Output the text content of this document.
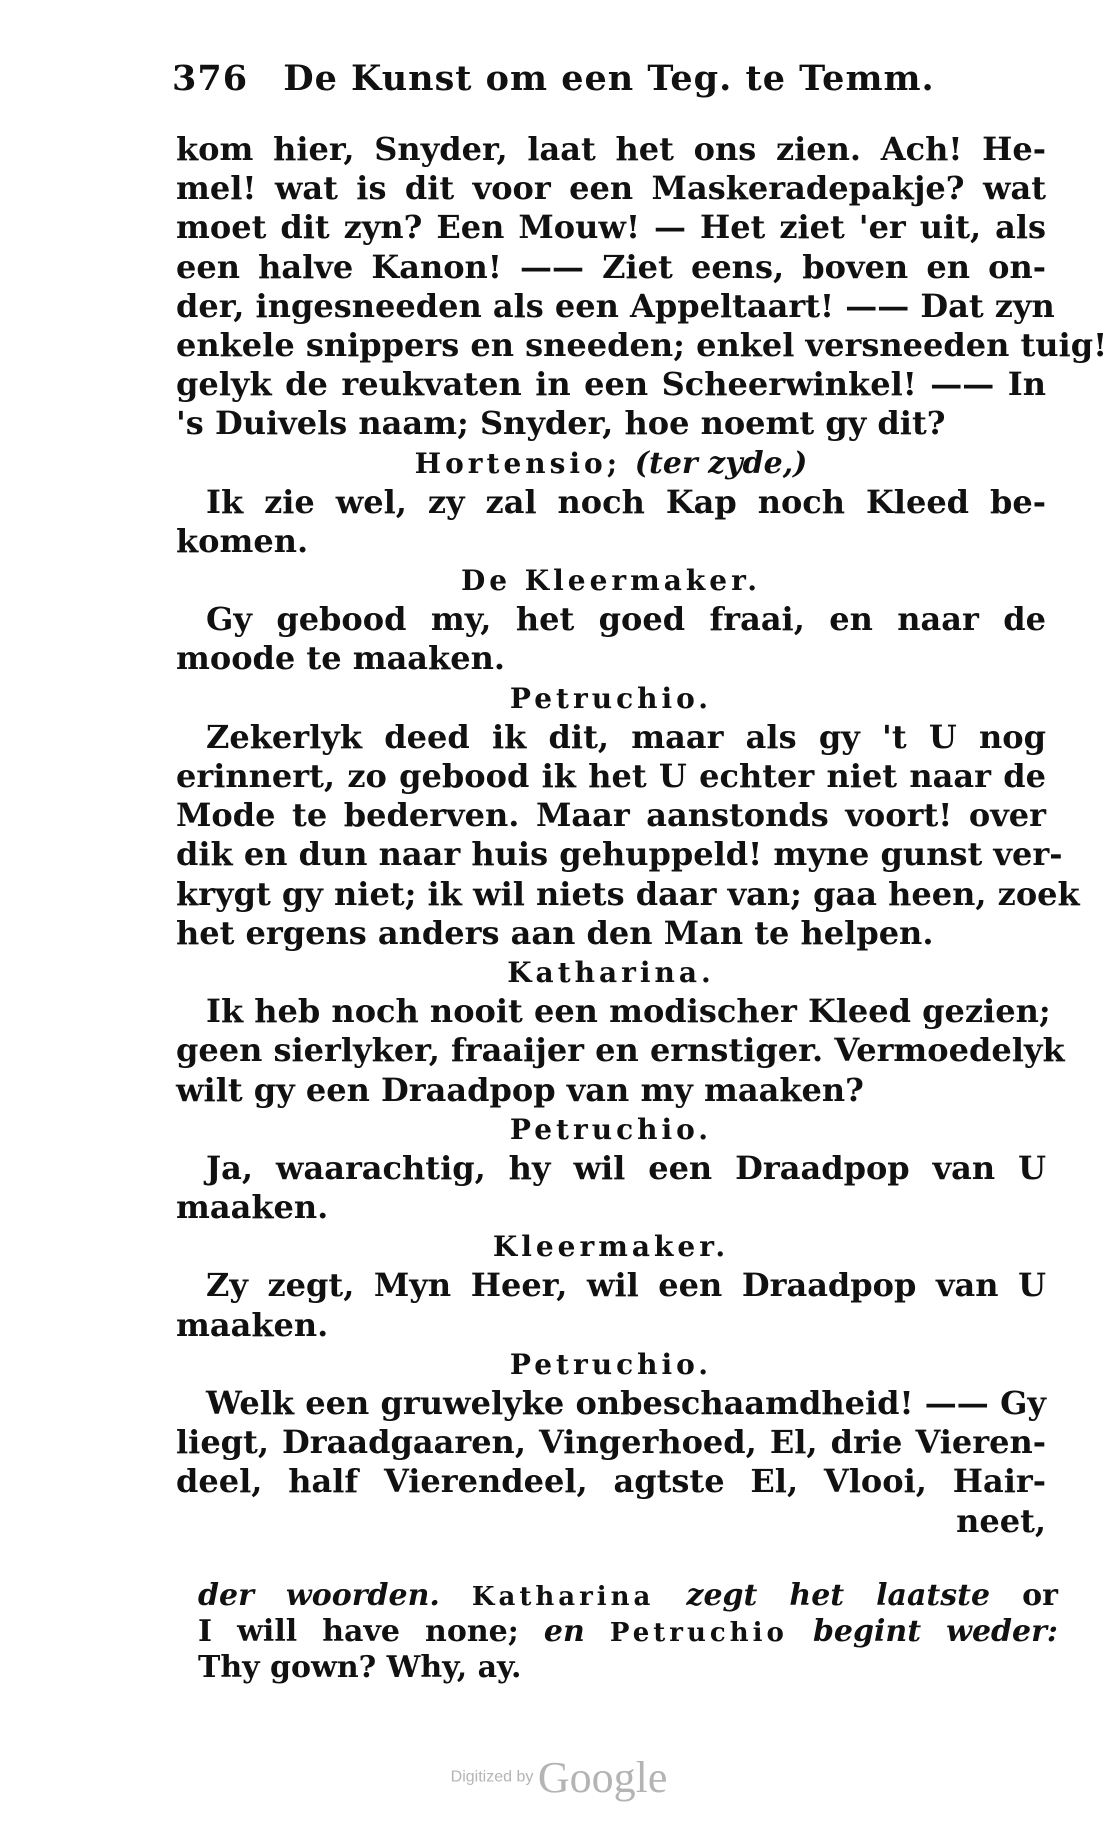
376 De Kunst om een Teg. te Temm.
kom hier, Snyder, laat het ons zien. Ach! He-
mel! wat is dit voor een Maskeradepakje? wat
moet dit zyn? Een Mouw! — Het ziet 'er uit, als
een halve Kanon! —— Ziet eens, boven en on-
der, ingesneeden als een Appeltaart! —— Dat zyn
enkele snippers en sneeden; enkel versneeden tuig!
gelyk de reukvaten in een Scheerwinkel! —— In
's Duivels naam; Snyder, hoe noemt gy dit?
Hortensio; (ter zyde,)
Ik zie wel, zy zal noch Kap noch Kleed be-
komen.
De Kleermaker.
Gy gebood my, het goed fraai, en naar de
moode te maaken.
Petruchio.
Zekerlyk deed ik dit, maar als gy 't U nog
erinnert, zo gebood ik het U echter niet naar de
Mode te bederven. Maar aanstonds voort! over
dik en dun naar huis gehuppeld! myne gunst ver-
krygt gy niet; ik wil niets daar van; gaa heen, zoek
het ergens anders aan den Man te helpen.
Katharina.
Ik heb noch nooit een modischer Kleed gezien;
geen sierlyker, fraaijer en ernstiger. Vermoedelyk
wilt gy een Draadpop van my maaken?
Petruchio.
Ja, waarachtig, hy wil een Draadpop van U
maaken.
Kleermaker.
Zy zegt, Myn Heer, wil een Draadpop van U
maaken.
Petruchio.
Welk een gruwelyke onbeschaamdheid! —— Gy
liegt, Draadgaaren, Vingerhoed, El, drie Vieren-
deel, half Vierendeel, agtste El, Vlooi, Hair-
neet,
der woorden. Katharina zegt het laatste or
I will have none; en Petruchio begint weder:
Thy gown? Why, ay.
Digitized by Google
